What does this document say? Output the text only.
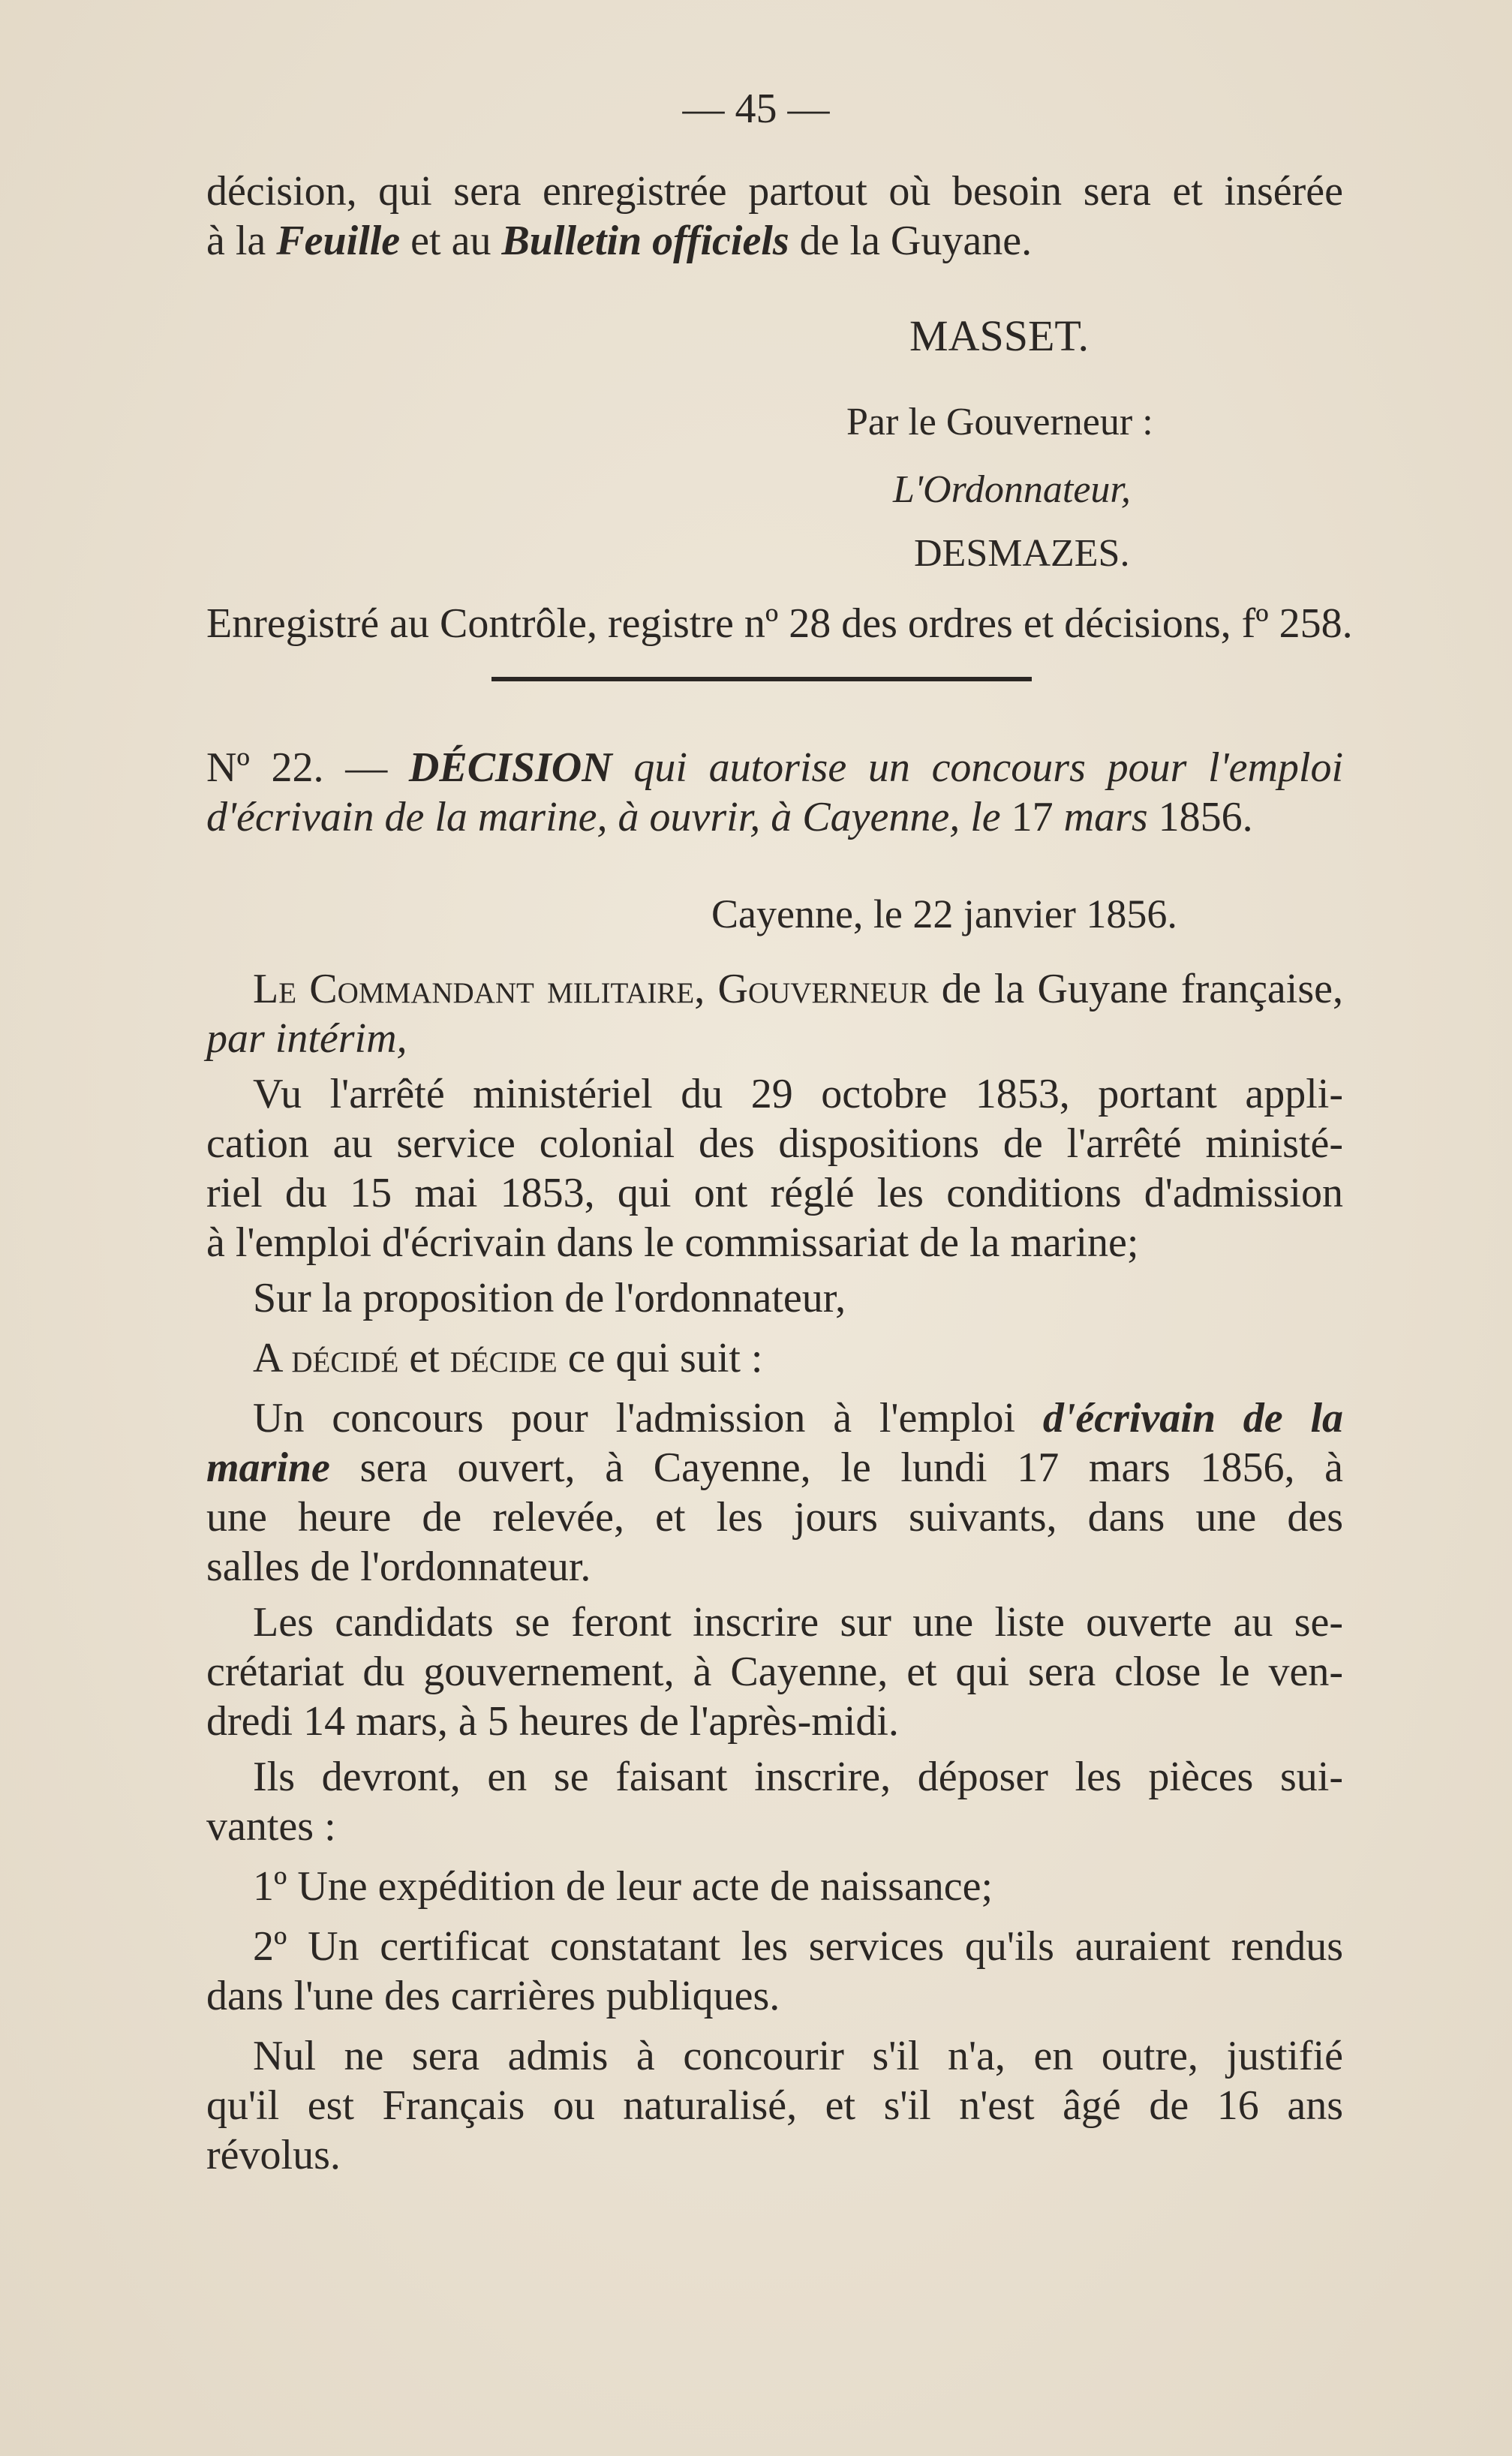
— 45 —
décision, qui sera enregistrée partout où besoin sera et insérée
à la Feuille et au Bulletin officiels de la Guyane.
MASSET.
Par le Gouverneur :
L'Ordonnateur,
DESMAZES.
Enregistré au Contrôle, registre nº 28 des ordres et décisions, fº 258.
Nº 22. — DÉCISION qui autorise un concours pour l'emploi
d'écrivain de la marine, à ouvrir, à Cayenne, le 17 mars 1856.
Cayenne, le 22 janvier 1856.
Le Commandant militaire, Gouverneur de la Guyane française,
par intérim,
Vu l'arrêté ministériel du 29 octobre 1853, portant appli-
cation au service colonial des dispositions de l'arrêté ministé-
riel du 15 mai 1853, qui ont réglé les conditions d'admission
à l'emploi d'écrivain dans le commissariat de la marine;
Sur la proposition de l'ordonnateur,
A décidé et décide ce qui suit :
Un concours pour l'admission à l'emploi d'écrivain de la
marine sera ouvert, à Cayenne, le lundi 17 mars 1856, à
une heure de relevée, et les jours suivants, dans une des
salles de l'ordonnateur.
Les candidats se feront inscrire sur une liste ouverte au se-
crétariat du gouvernement, à Cayenne, et qui sera close le ven-
dredi 14 mars, à 5 heures de l'après-midi.
Ils devront, en se faisant inscrire, déposer les pièces sui-
vantes :
1º Une expédition de leur acte de naissance;
2º Un certificat constatant les services qu'ils auraient rendus
dans l'une des carrières publiques.
Nul ne sera admis à concourir s'il n'a, en outre, justifié
qu'il est Français ou naturalisé, et s'il n'est âgé de 16 ans
révolus.
